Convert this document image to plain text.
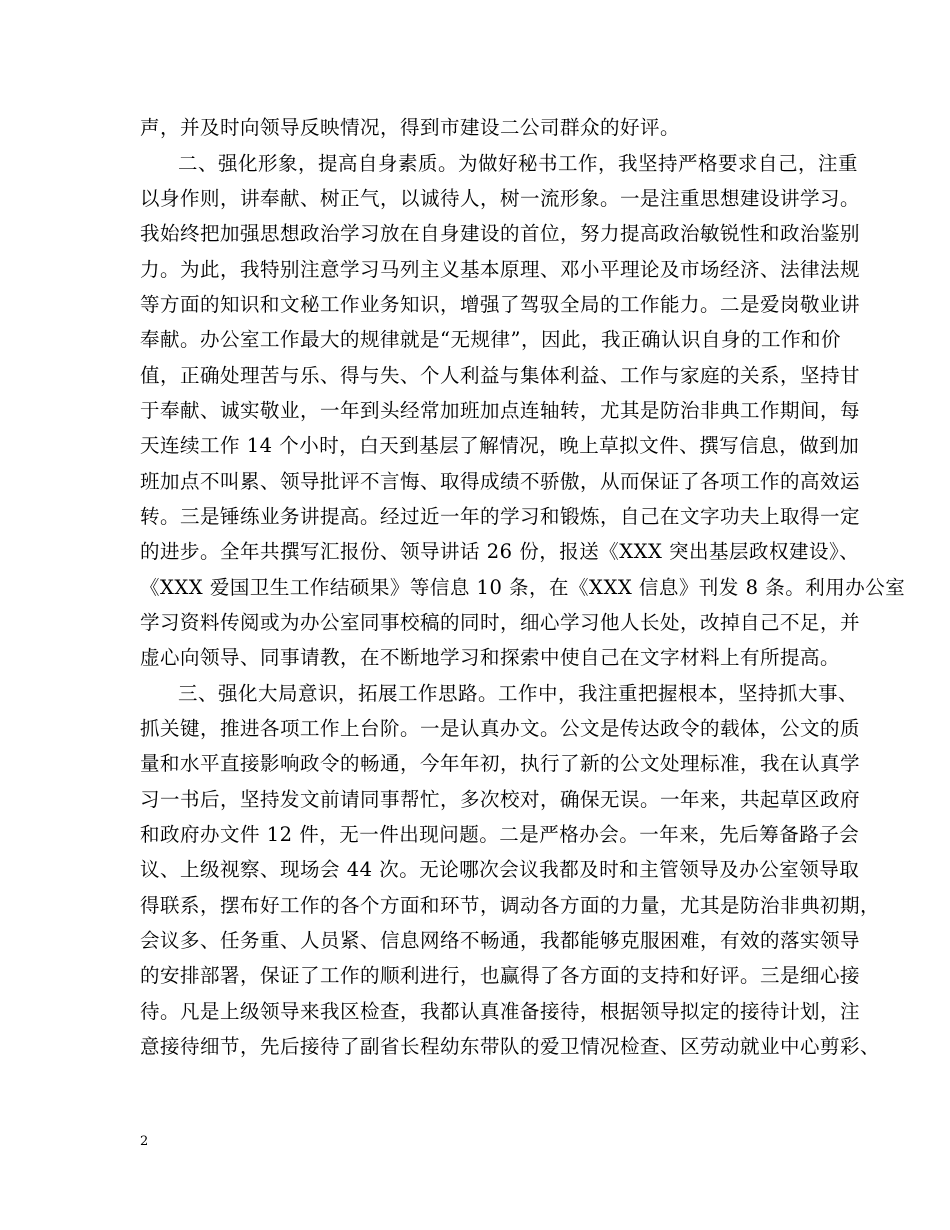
声，并及时向领导反映情况，得到市建设二公司群众的好评。
二、强化形象，提高自身素质。为做好秘书工作，我坚持严格要求自己，注重
以身作则，讲奉献、树正气，以诚待人，树一流形象。一是注重思想建设讲学习。
我始终把加强思想政治学习放在自身建设的首位，努力提高政治敏锐性和政治鉴别
力。为此，我特别注意学习马列主义基本原理、邓小平理论及市场经济、法律法规
等方面的知识和文秘工作业务知识，增强了驾驭全局的工作能力。二是爱岗敬业讲
奉献。办公室工作最大的规律就是“无规律”，因此，我正确认识自身的工作和价
值，正确处理苦与乐、得与失、个人利益与集体利益、工作与家庭的关系，坚持甘
于奉献、诚实敬业，一年到头经常加班加点连轴转，尤其是防治非典工作期间，每
天连续工作 14 个小时，白天到基层了解情况，晚上草拟文件、撰写信息，做到加
班加点不叫累、领导批评不言悔、取得成绩不骄傲，从而保证了各项工作的高效运
转。三是锤练业务讲提高。经过近一年的学习和锻炼，自己在文字功夫上取得一定
的进步。全年共撰写汇报份、领导讲话 26 份，报送《XXX 突出基层政权建设》、
《XXX 爱国卫生工作结硕果》等信息 10 条，在《XXX 信息》刊发 8 条。利用办公室
学习资料传阅或为办公室同事校稿的同时，细心学习他人长处，改掉自己不足，并
虚心向领导、同事请教，在不断地学习和探索中使自己在文字材料上有所提高。
三、强化大局意识，拓展工作思路。工作中，我注重把握根本，坚持抓大事、
抓关键，推进各项工作上台阶。一是认真办文。公文是传达政令的载体，公文的质
量和水平直接影响政令的畅通，今年年初，执行了新的公文处理标准，我在认真学
习一书后，坚持发文前请同事帮忙，多次校对，确保无误。一年来，共起草区政府
和政府办文件 12 件，无一件出现问题。二是严格办会。一年来，先后筹备路子会
议、上级视察、现场会 44 次。无论哪次会议我都及时和主管领导及办公室领导取
得联系，摆布好工作的各个方面和环节，调动各方面的力量，尤其是防治非典初期，
会议多、任务重、人员紧、信息网络不畅通，我都能够克服困难，有效的落实领导
的安排部署，保证了工作的顺利进行，也赢得了各方面的支持和好评。三是细心接
待。凡是上级领导来我区检查，我都认真准备接待，根据领导拟定的接待计划，注
意接待细节，先后接待了副省长程幼东带队的爱卫情况检查、区劳动就业中心剪彩、
2
